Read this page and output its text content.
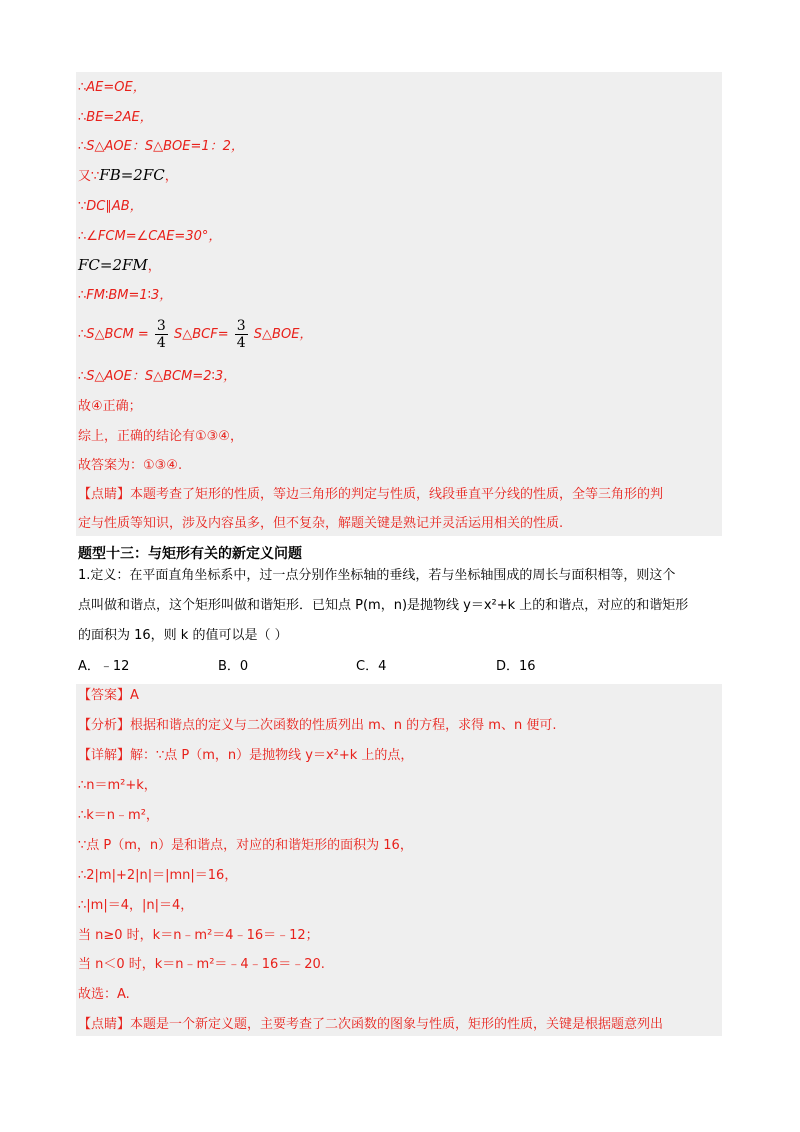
∴AE=OE，
∴BE=2AE，
∴S△AOE：S△BOE=1：2，
又∵FB=2FC，
∵DC∥AB，
∴∠FCM=∠CAE=30°，
FC=2FM，
∴FM∶BM=1∶3，
∴S△BCM = $\frac{3}{4}$ S△BCF= $\frac{3}{4}$ S△BOE，
∴S△AOE：S△BCM=2∶3，
故④正确；
综上，正确的结论有①③④，
故答案为：①③④.
【点睛】本题考查了矩形的性质，等边三角形的判定与性质，线段垂直平分线的性质，全等三角形的判
定与性质等知识，涉及内容虽多，但不复杂，解题关键是熟记并灵活运用相关的性质.
题型十三：与矩形有关的新定义问题
1.定义：在平面直角坐标系中，过一点分别作坐标轴的垂线，若与坐标轴围成的周长与面积相等，则这个
点叫做和谐点，这个矩形叫做和谐矩形．已知点 P(m，n)是抛物线 y＝x²+k 上的和谐点，对应的和谐矩形
的面积为 16，则 k 的值可以是（ ）
A．﹣12	B．0	C．4	D．16
【答案】A
【分析】根据和谐点的定义与二次函数的性质列出 m、n 的方程，求得 m、n 便可.
【详解】解：∵点 P（m，n）是抛物线 y＝x²+k 上的点，
∴n＝m²+k，
∴k＝n﹣m²，
∵点 P（m，n）是和谐点，对应的和谐矩形的面积为 16，
∴2|m|+2|n|＝|mn|＝16，
∴|m|＝4，|n|＝4，
当 n≥0 时，k＝n﹣m²＝4﹣16＝﹣12；
当 n＜0 时，k＝n﹣m²＝﹣4﹣16＝﹣20.
故选：A.
【点睛】本题是一个新定义题，主要考查了二次函数的图象与性质，矩形的性质，关键是根据题意列出
